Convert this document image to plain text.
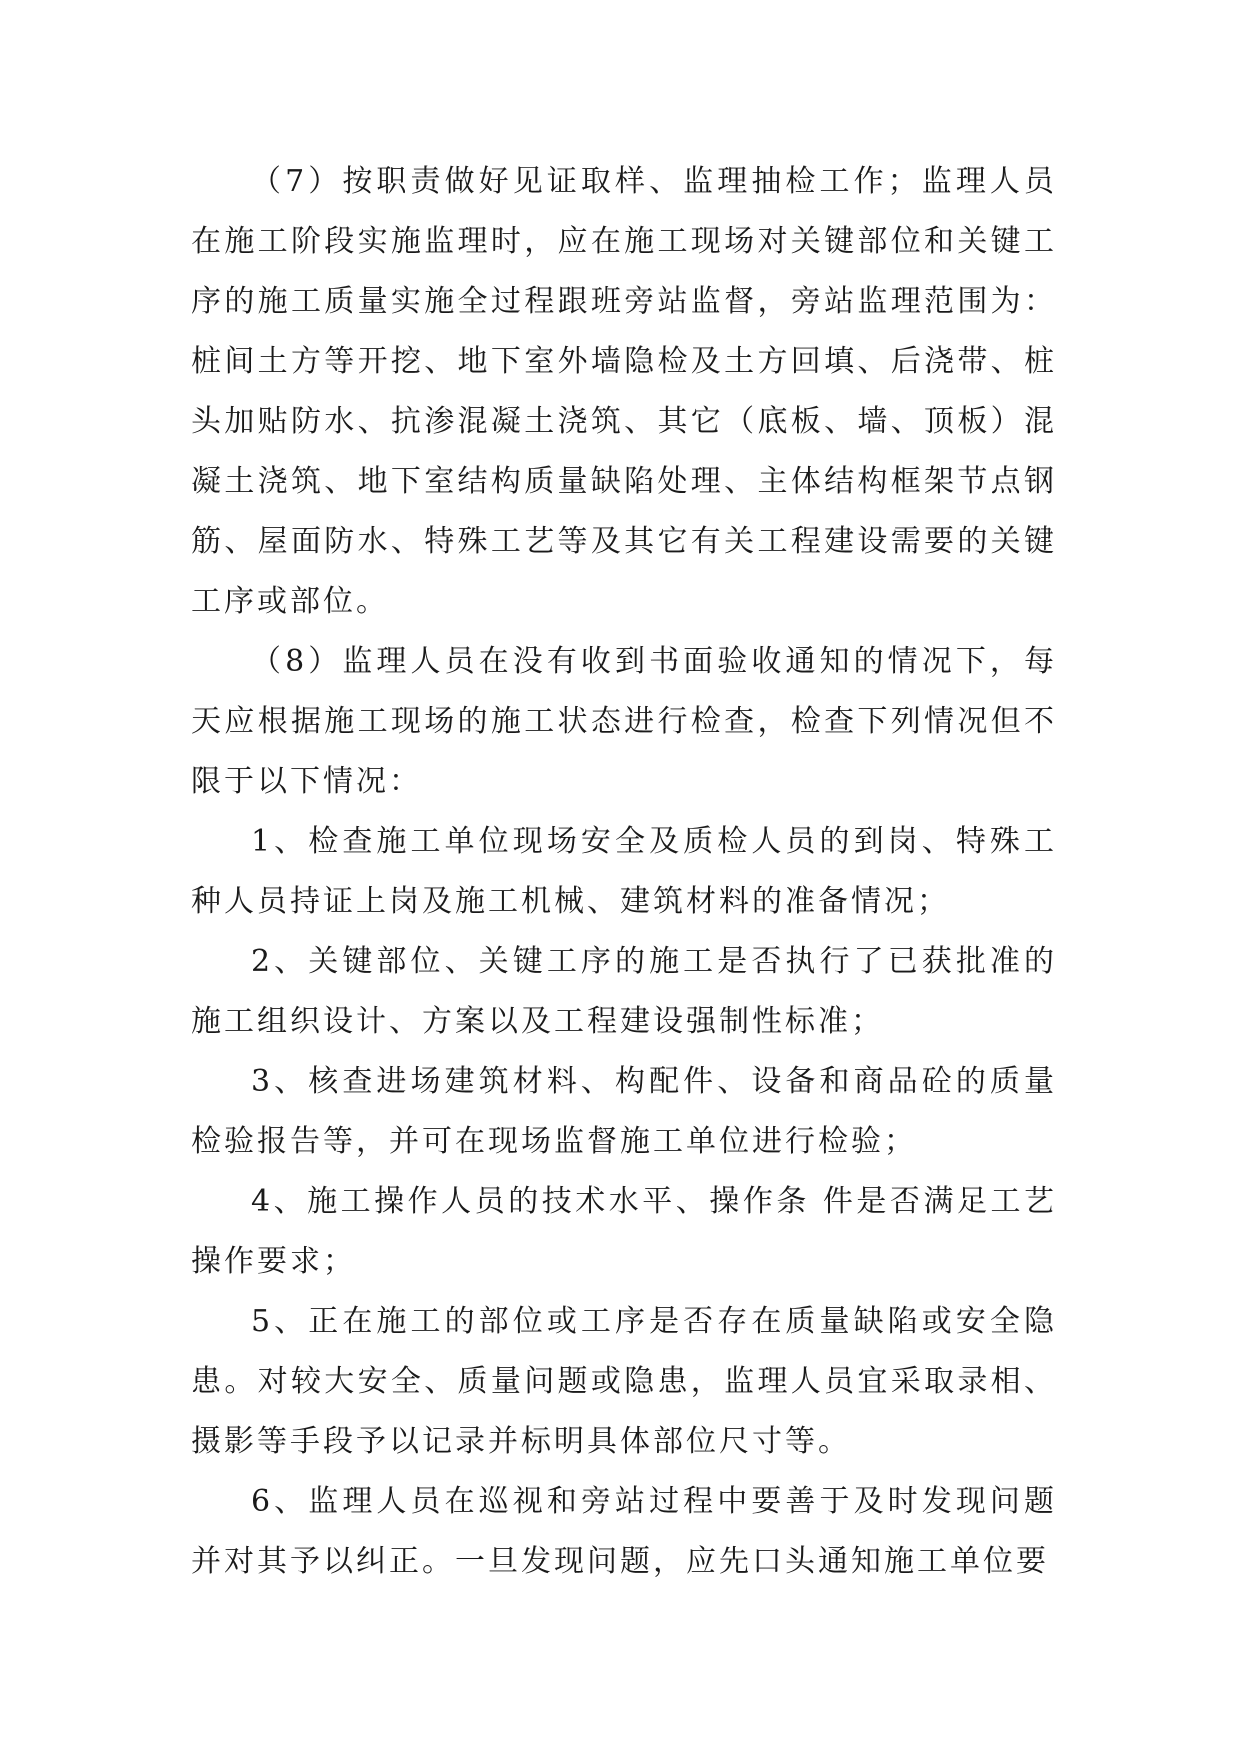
（7）按职责做好见证取样、监理抽检工作；监理人员在施工阶段实施监理时，应在施工现场对关键部位和关键工序的施工质量实施全过程跟班旁站监督，旁站监理范围为：桩间土方等开挖、地下室外墙隐检及土方回填、后浇带、桩头加贴防水、抗渗混凝土浇筑、其它（底板、墙、顶板）混凝土浇筑、地下室结构质量缺陷处理、主体结构框架节点钢筋、屋面防水、特殊工艺等及其它有关工程建设需要的关键工序或部位。

（8）监理人员在没有收到书面验收通知的情况下，每天应根据施工现场的施工状态进行检查，检查下列情况但不限于以下情况：

1、检查施工单位现场安全及质检人员的到岗、特殊工种人员持证上岗及施工机械、建筑材料的准备情况；

2、关键部位、关键工序的施工是否执行了已获批准的施工组织设计、方案以及工程建设强制性标准；

3、核查进场建筑材料、构配件、设备和商品砼的质量检验报告等，并可在现场监督施工单位进行检验；

4、施工操作人员的技术水平、操作条 件是否满足工艺操作要求；

5、正在施工的部位或工序是否存在质量缺陷或安全隐患。对较大安全、质量问题或隐患，监理人员宜采取录相、摄影等手段予以记录并标明具体部位尺寸等。

6、监理人员在巡视和旁站过程中要善于及时发现问题并对其予以纠正。一旦发现问题，应先口头通知施工单位要
